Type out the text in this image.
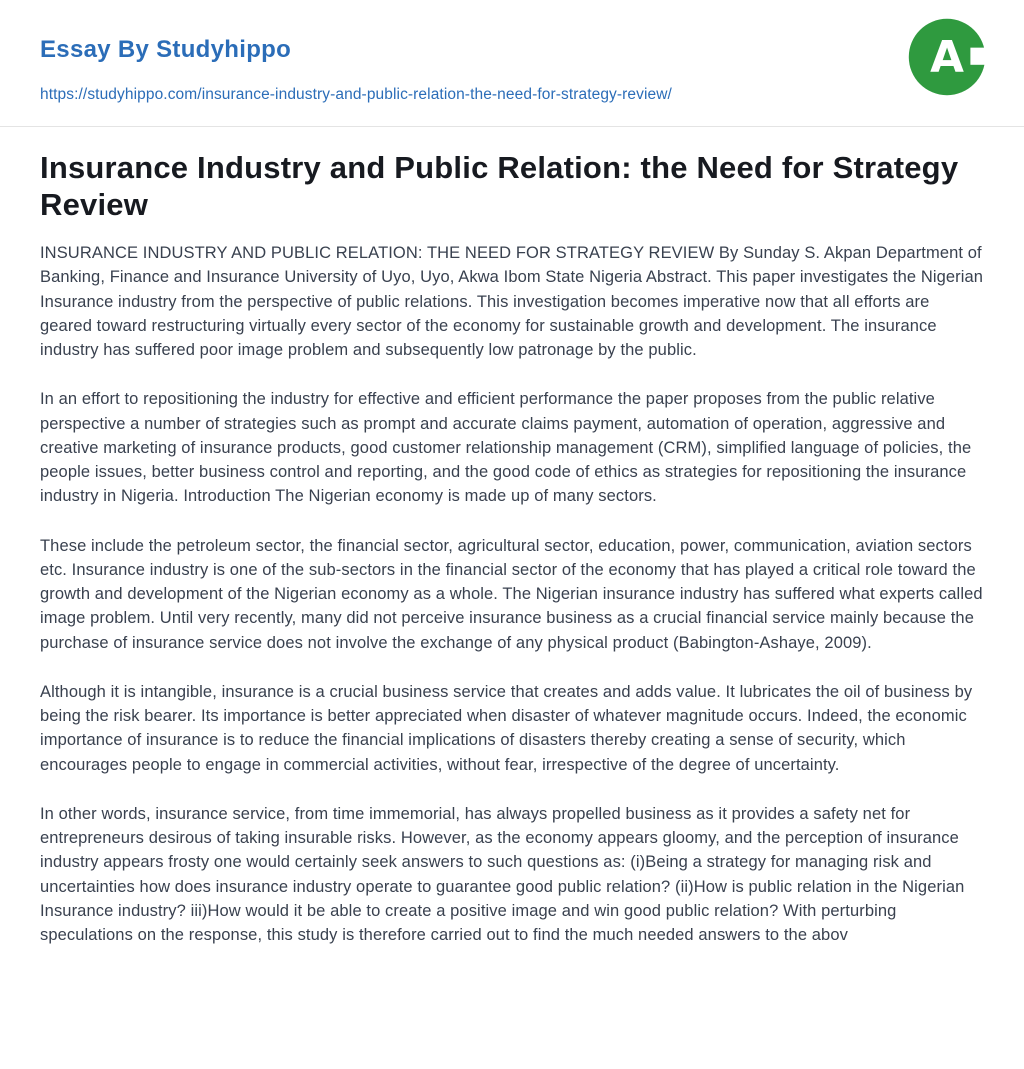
Essay By Studyhippo
https://studyhippo.com/insurance-industry-and-public-relation-the-need-for-strategy-review/
A
Insurance Industry and Public Relation: the Need for Strategy Review

INSURANCE INDUSTRY AND PUBLIC RELATION: THE NEED FOR STRATEGY REVIEW By Sunday S. Akpan Department of Banking, Finance and Insurance University of Uyo, Uyo, Akwa Ibom State Nigeria Abstract. This paper investigates the Nigerian Insurance industry from the perspective of public relations. This investigation becomes imperative now that all efforts are geared toward restructuring virtually every sector of the economy for sustainable growth and development. The insurance industry has suffered poor image problem and subsequently low patronage by the public.

In an effort to repositioning the industry for effective and efficient performance the paper proposes from the public relative perspective a number of strategies such as prompt and accurate claims payment, automation of operation, aggressive and creative marketing of insurance products, good customer relationship management (CRM), simplified language of policies, the people issues, better business control and reporting, and the good code of ethics as strategies for repositioning the insurance industry in Nigeria. Introduction The Nigerian economy is made up of many sectors.

These include the petroleum sector, the financial sector, agricultural sector, education, power, communication, aviation sectors etc. Insurance industry is one of the sub-sectors in the financial sector of the economy that has played a critical role toward the growth and development of the Nigerian economy as a whole. The Nigerian insurance industry has suffered what experts called image problem. Until very recently, many did not perceive insurance business as a crucial financial service mainly because the purchase of insurance service does not involve the exchange of any physical product (Babington-Ashaye, 2009).

Although it is intangible, insurance is a crucial business service that creates and adds value. It lubricates the oil of business by being the risk bearer. Its importance is better appreciated when disaster of whatever magnitude occurs. Indeed, the economic importance of insurance is to reduce the financial implications of disasters thereby creating a sense of security, which encourages people to engage in commercial activities, without fear, irrespective of the degree of uncertainty.

In other words, insurance service, from time immemorial, has always propelled business as it provides a safety net for entrepreneurs desirous of taking insurable risks. However, as the economy appears gloomy, and the perception of insurance industry appears frosty one would certainly seek answers to such questions as: (i)Being a strategy for managing risk and uncertainties how does insurance industry operate to guarantee good public relation? (ii)How is public relation in the Nigerian Insurance industry? iii)How would it be able to create a positive image and win good public relation? With perturbing speculations on the response, this study is therefore carried out to find the much needed answers to the abov
